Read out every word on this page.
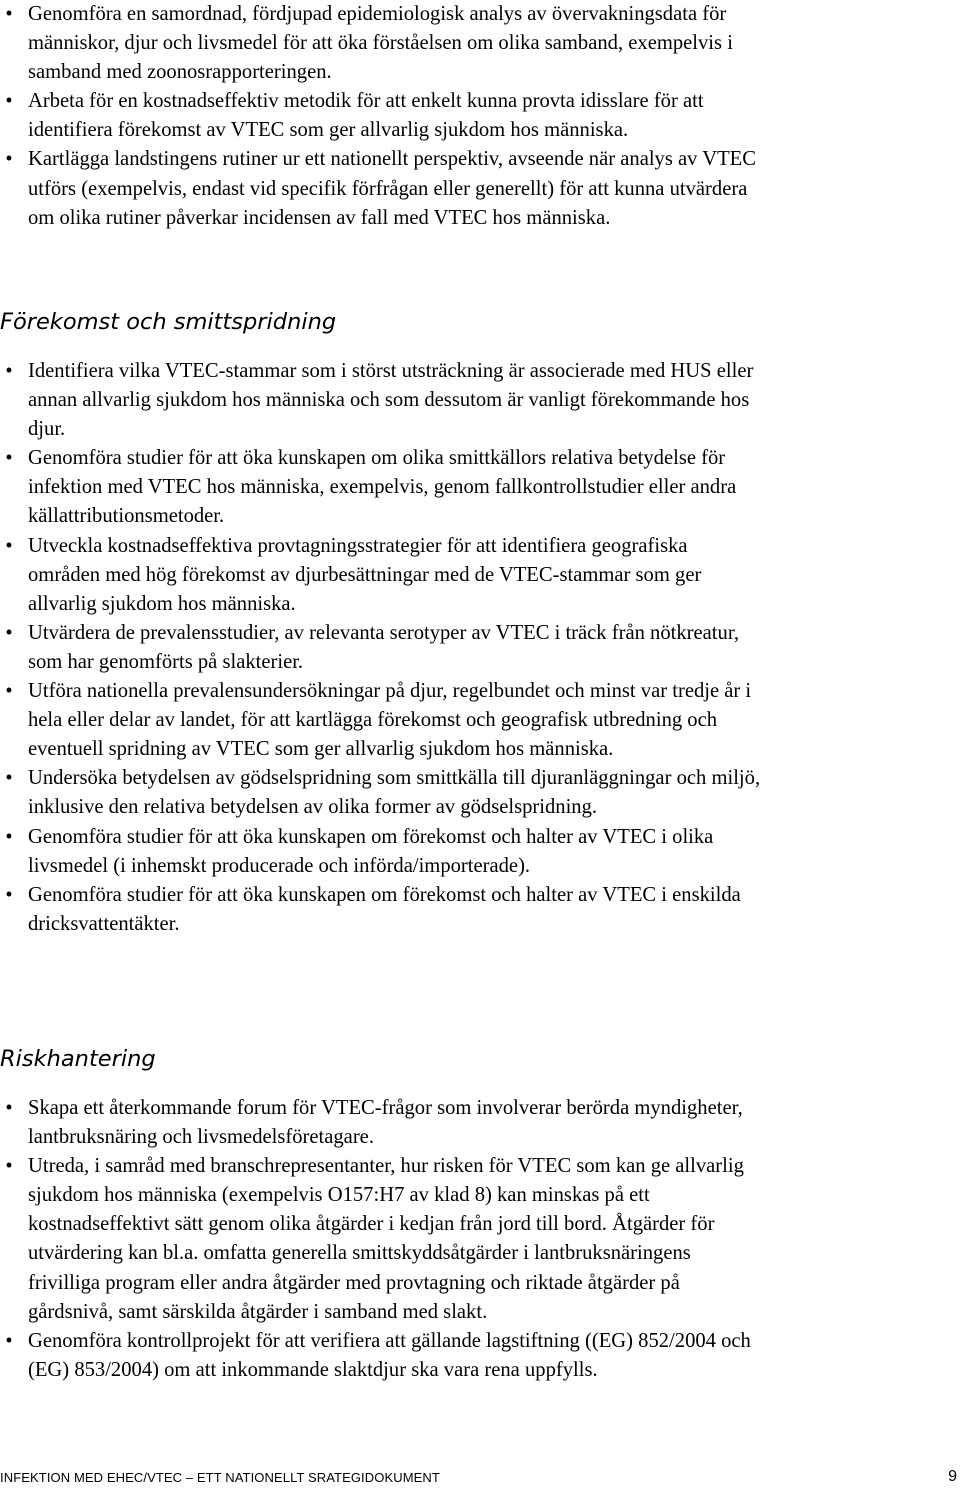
• Genomföra en samordnad, fördjupad epidemiologisk analys av övervakningsdata för människor, djur och livsmedel för att öka förståelsen om olika samband, exempelvis i samband med zoonosrapporteringen.
• Arbeta för en kostnadseffektiv metodik för att enkelt kunna provta idisslare för att identifiera förekomst av VTEC som ger allvarlig sjukdom hos människa.
• Kartlägga landstingens rutiner ur ett nationellt perspektiv, avseende när analys av VTEC utförs (exempelvis, endast vid specifik förfrågan eller generellt) för att kunna utvärdera om olika rutiner påverkar incidensen av fall med VTEC hos människa.
Förekomst och smittspridning
• Identifiera vilka VTEC-stammar som i störst utsträckning är associerade med HUS eller annan allvarlig sjukdom hos människa och som dessutom är vanligt förekommande hos djur.
• Genomföra studier för att öka kunskapen om olika smittkällors relativa betydelse för infektion med VTEC hos människa, exempelvis, genom fallkontrollstudier eller andra källattributionsmetoder.
• Utveckla kostnadseffektiva provtagningsstrategier för att identifiera geografiska områden med hög förekomst av djurbesättningar med de VTEC-stammar som ger allvarlig sjukdom hos människa.
• Utvärdera de prevalensstudier, av relevanta serotyper av VTEC i träck från nötkreatur, som har genomförts på slakterier.
• Utföra nationella prevalensundersökningar på djur, regelbundet och minst var tredje år i hela eller delar av landet, för att kartlägga förekomst och geografisk utbredning och eventuell spridning av VTEC som ger allvarlig sjukdom hos människa.
• Undersöka betydelsen av gödselspridning som smittkälla till djuranläggningar och miljö, inklusive den relativa betydelsen av olika former av gödselspridning.
• Genomföra studier för att öka kunskapen om förekomst och halter av VTEC i olika livsmedel (i inhemskt producerade och införda/importerade).
• Genomföra studier för att öka kunskapen om förekomst och halter av VTEC i enskilda dricksvattentäkter.
Riskhantering
• Skapa ett återkommande forum för VTEC-frågor som involverar berörda myndigheter, lantbruksnäring och livsmedelsföretagare.
• Utreda, i samråd med branschrepresentanter, hur risken för VTEC som kan ge allvarlig sjukdom hos människa (exempelvis O157:H7 av klad 8) kan minskas på ett kostnadseffektivt sätt genom olika åtgärder i kedjan från jord till bord. Åtgärder för utvärdering kan bl.a. omfatta generella smittskyddsåtgärder i lantbruksnäringens frivilliga program eller andra åtgärder med provtagning och riktade åtgärder på gårdsnivå, samt särskilda åtgärder i samband med slakt.
• Genomföra kontrollprojekt för att verifiera att gällande lagstiftning ((EG) 852/2004 och (EG) 853/2004) om att inkommande slaktdjur ska vara rena uppfylls.
INFEKTION MED EHEC/VTEC – ETT NATIONELLT SRATEGIDOKUMENT	9
